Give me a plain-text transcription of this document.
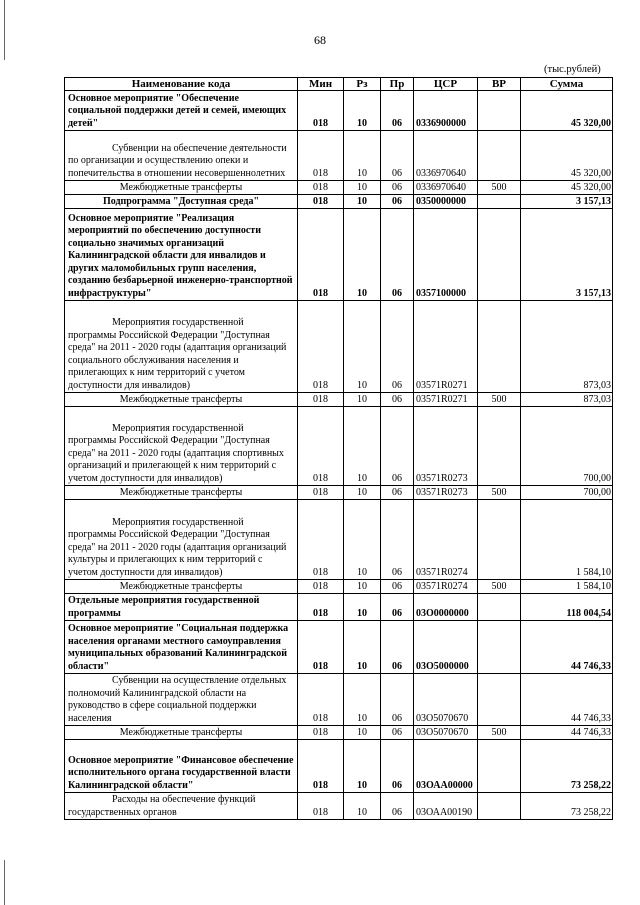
68
(тыс.рублей)
Наименование кода	Мин	Рз	Пр	ЦСР	ВР	Сумма
Основное мероприятие "Обеспечение социальной поддержки детей и семей, имеющих детей"	018	10	06	0336900000		45 320,00
Субвенции на обеспечение деятельности по организации и осуществлению опеки и попечительства в отношении несовершеннолетних	018	10	06	0336970640		45 320,00
Межбюджетные трансферты	018	10	06	0336970640	500	45 320,00
Подпрограмма "Доступная среда"	018	10	06	0350000000		3 157,13
Основное мероприятие "Реализация мероприятий по обеспечению доступности социально значимых организаций Калининградской области для инвалидов и других маломобильных групп населения, созданию безбарьерной инженерно-транспортной инфраструктуры"	018	10	06	0357100000		3 157,13
Мероприятия государственной программы Российской Федерации "Доступная среда" на 2011 - 2020 годы (адаптация организаций социального обслуживания населения и прилегающих к ним территорий с учетом доступности для инвалидов)	018	10	06	03571R0271		873,03
Межбюджетные трансферты	018	10	06	03571R0271	500	873,03
Мероприятия государственной программы Российской Федерации "Доступная среда" на 2011 - 2020 годы (адаптация спортивных организаций и прилегающей к ним территорий с учетом доступности для инвалидов)	018	10	06	03571R0273		700,00
Межбюджетные трансферты	018	10	06	03571R0273	500	700,00
Мероприятия государственной программы Российской Федерации "Доступная среда" на 2011 - 2020 годы (адаптация организаций культуры и прилегающих к ним территорий с учетом доступности для инвалидов)	018	10	06	03571R0274		1 584,10
Межбюджетные трансферты	018	10	06	03571R0274	500	1 584,10
Отдельные мероприятия государственной программы	018	10	06	03О0000000		118 004,54
Основное мероприятие "Социальная поддержка населения органами местного самоуправления муниципальных образований Калининградской области"	018	10	06	03О5000000		44 746,33
Субвенции на осуществление отдельных полномочий Калининградской области на руководство в сфере социальной поддержки населения	018	10	06	03О5070670		44 746,33
Межбюджетные трансферты	018	10	06	03О5070670	500	44 746,33
Основное мероприятие "Финансовое обеспечение исполнительного органа государственной власти Калининградской области"	018	10	06	03ОАА00000		73 258,22
Расходы на обеспечение функций государственных органов	018	10	06	03ОАА00190		73 258,22
